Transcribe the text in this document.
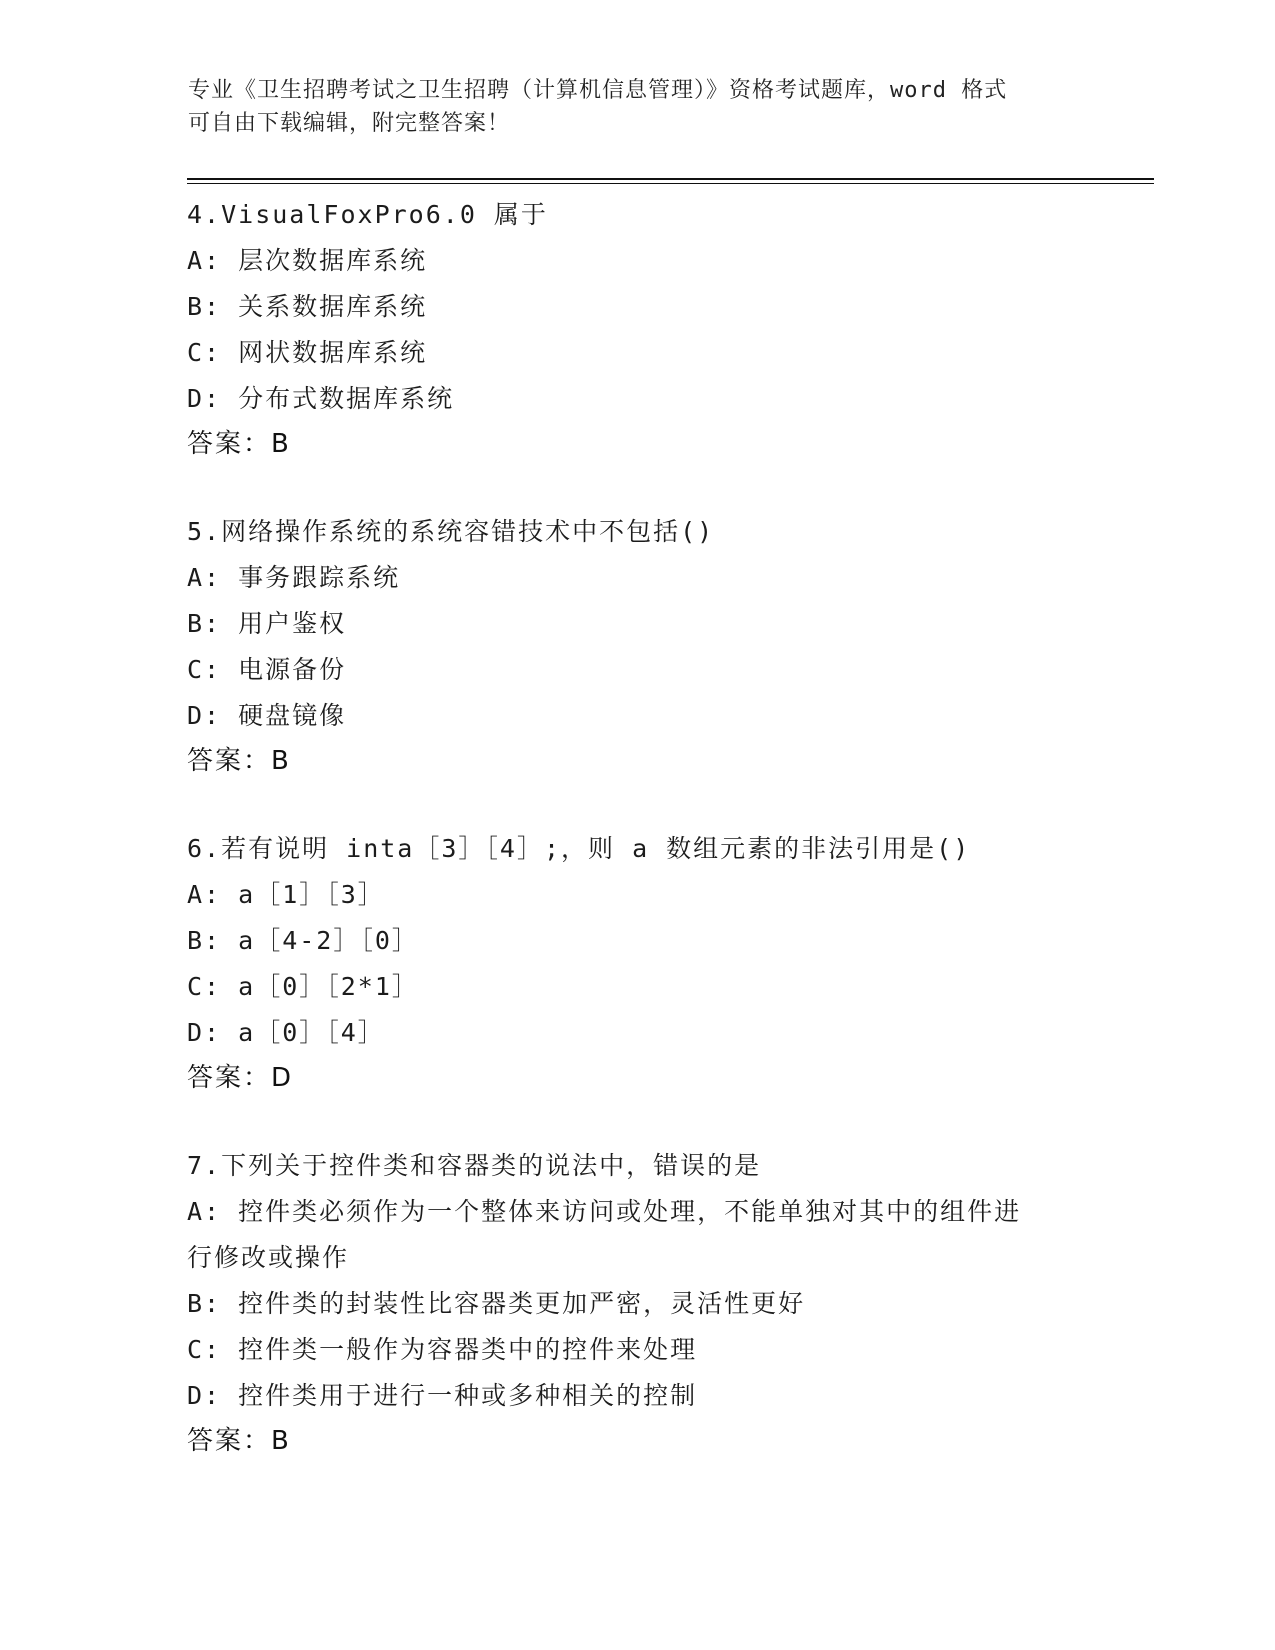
专业《卫生招聘考试之卫生招聘（计算机信息管理）》资格考试题库，word 格式
可自由下载编辑，附完整答案！
4.VisualFoxPro6.0 属于
A: 层次数据库系统
B: 关系数据库系统
C: 网状数据库系统
D: 分布式数据库系统
答案：B
5.网络操作系统的系统容错技术中不包括()
A: 事务跟踪系统
B: 用户鉴权
C: 电源备份
D: 硬盘镜像
答案：B
6.若有说明 inta［3］［4］;，则 a 数组元素的非法引用是()
A: a［1］［3］
B: a［4-2］［0］
C: a［0］［2*1］
D: a［0］［4］
答案：D
7.下列关于控件类和容器类的说法中，错误的是
A: 控件类必须作为一个整体来访问或处理，不能单独对其中的组件进
行修改或操作
B: 控件类的封装性比容器类更加严密，灵活性更好
C: 控件类一般作为容器类中的控件来处理
D: 控件类用于进行一种或多种相关的控制
答案：B
